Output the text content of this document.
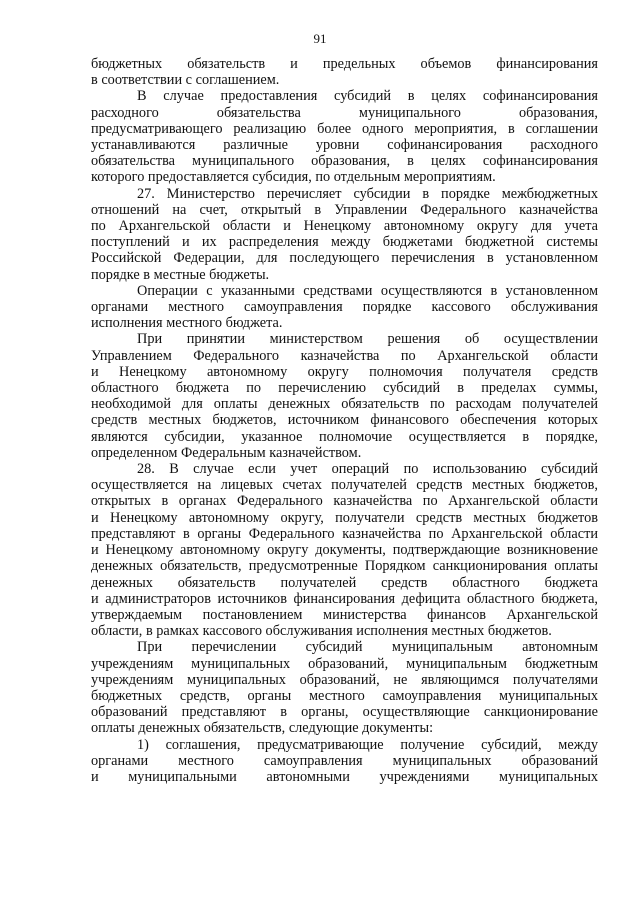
91
бюджетных обязательств и предельных объемов финансирования
в соответствии с соглашением.
В случае предоставления субсидий в целях софинансирования
расходного обязательства муниципального образования,
предусматривающего реализацию более одного мероприятия, в соглашении
устанавливаются различные уровни софинансирования расходного
обязательства муниципального образования, в целях софинансирования
которого предоставляется субсидия, по отдельным мероприятиям.
27. Министерство перечисляет субсидии в порядке межбюджетных
отношений на счет, открытый в Управлении Федерального казначейства
по Архангельской области и Ненецкому автономному округу для учета
поступлений и их распределения между бюджетами бюджетной системы
Российской Федерации, для последующего перечисления в установленном
порядке в местные бюджеты.
Операции с указанными средствами осуществляются в установленном
органами местного самоуправления порядке кассового обслуживания
исполнения местного бюджета.
При принятии министерством решения об осуществлении
Управлением Федерального казначейства по Архангельской области
и Ненецкому автономному округу полномочия получателя средств
областного бюджета по перечислению субсидий в пределах суммы,
необходимой для оплаты денежных обязательств по расходам получателей
средств местных бюджетов, источником финансового обеспечения которых
являются субсидии, указанное полномочие осуществляется в порядке,
определенном Федеральным казначейством.
28. В случае если учет операций по использованию субсидий
осуществляется на лицевых счетах получателей средств местных бюджетов,
открытых в органах Федерального казначейства по Архангельской области
и Ненецкому автономному округу, получатели средств местных бюджетов
представляют в органы Федерального казначейства по Архангельской области
и Ненецкому автономному округу документы, подтверждающие возникновение
денежных обязательств, предусмотренные Порядком санкционирования оплаты
денежных обязательств получателей средств областного бюджета
и администраторов источников финансирования дефицита областного бюджета,
утверждаемым постановлением министерства финансов Архангельской
области, в рамках кассового обслуживания исполнения местных бюджетов.
При перечислении субсидий муниципальным автономным
учреждениям муниципальных образований, муниципальным бюджетным
учреждениям муниципальных образований, не являющимся получателями
бюджетных средств, органы местного самоуправления муниципальных
образований представляют в органы, осуществляющие санкционирование
оплаты денежных обязательств, следующие документы:
1) соглашения, предусматривающие получение субсидий, между
органами местного самоуправления муниципальных образований
и муниципальными автономными учреждениями муниципальных
